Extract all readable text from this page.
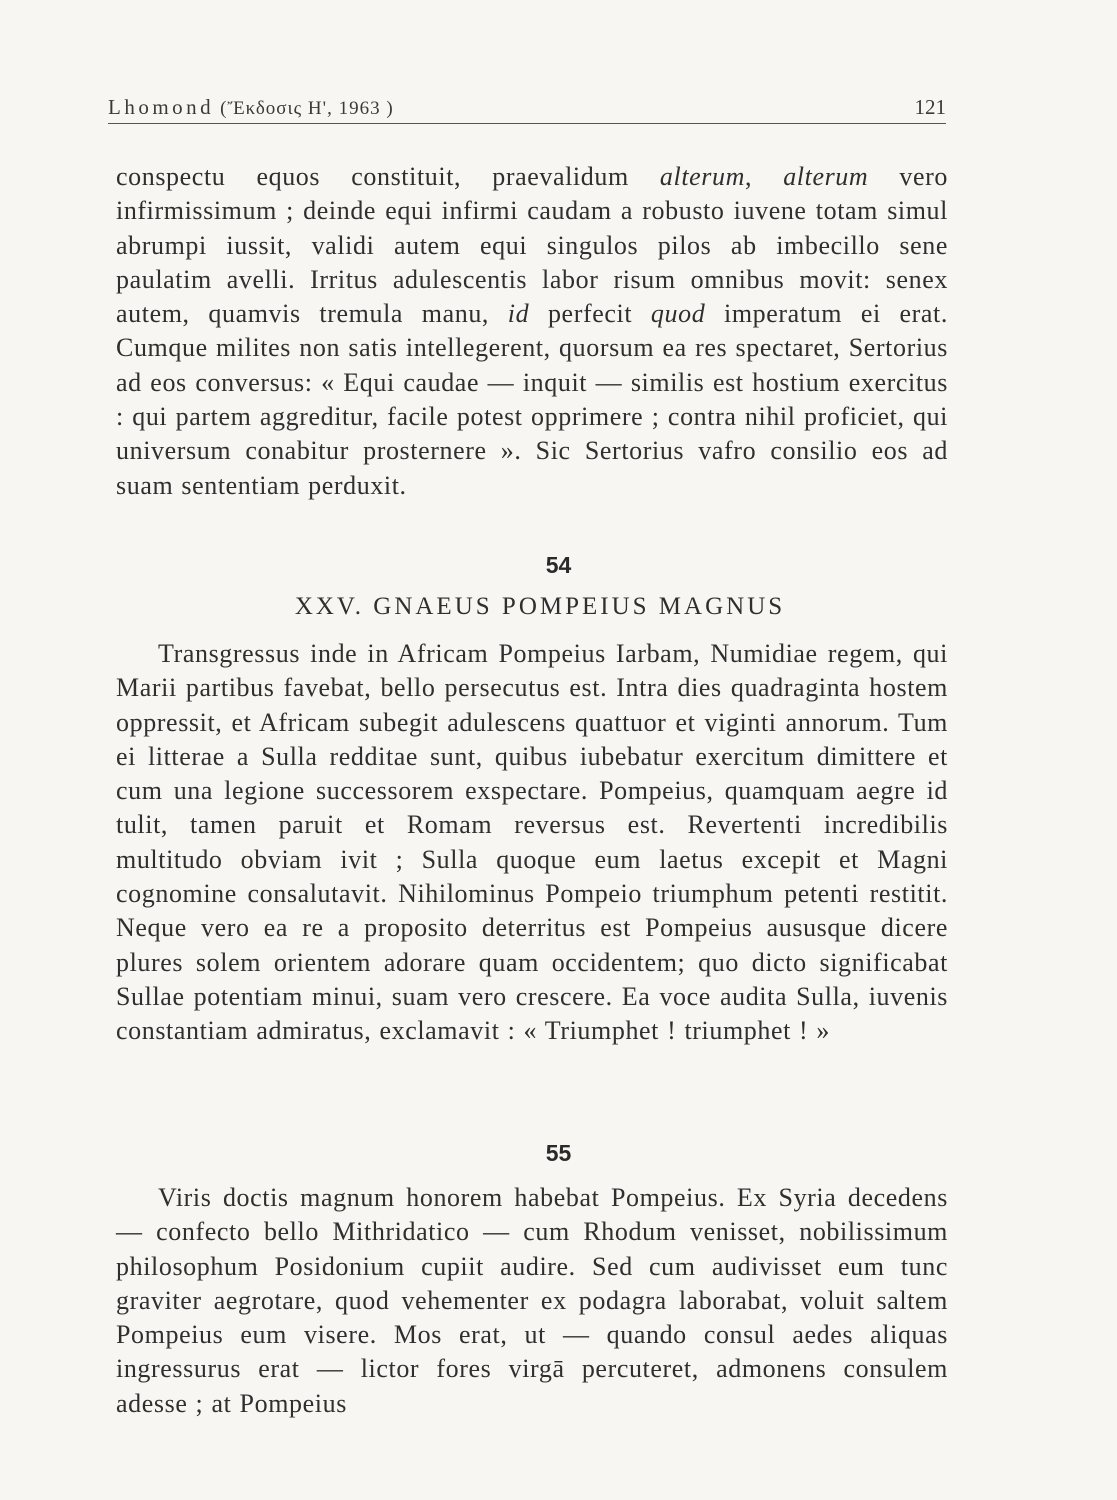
Lhomond (Ἔκδοσις Η', 1963 )	121

conspectu equos constituit, praevalidum alterum, alterum vero infirmissimum ; deinde equi infirmi caudam a robusto iuvene totam simul abrumpi iussit, validi autem equi singulos pilos ab imbecillo sene paulatim avelli. Irritus adulescentis labor risum omnibus movit: senex autem, quamvis tremula manu, id perfecit quod imperatum ei erat. Cumque milites non satis intellegerent, quorsum ea res spectaret, Sertorius ad eos conversus: « Equi caudae — inquit — similis est hostium exercitus : qui partem aggreditur, facile potest opprimere ; contra nihil proficiet, qui universum conabitur prosternere ». Sic Sertorius vafro consilio eos ad suam sententiam perduxit.

54
XXV. GNAEUS POMPEIUS MAGNUS

Transgressus inde in Africam Pompeius Iarbam, Numidiae regem, qui Marii partibus favebat, bello persecutus est. Intra dies quadraginta hostem oppressit, et Africam subegit adulescens quattuor et viginti annorum. Tum ei litterae a Sulla redditae sunt, quibus iubebatur exercitum dimittere et cum una legione successorem exspectare. Pompeius, quamquam aegre id tulit, tamen paruit et Romam reversus est. Revertenti incredibilis multitudo obviam ivit ; Sulla quoque eum laetus excepit et Magni cognomine consalutavit. Nihilominus Pompeio triumphum petenti restitit. Neque vero ea re a proposito deterritus est Pompeius aususque dicere plures solem orientem adorare quam occidentem; quo dicto significabat Sullae potentiam minui, suam vero crescere. Ea voce audita Sulla, iuvenis constantiam admiratus, exclamavit : « Triumphet ! triumphet ! »

55

Viris doctis magnum honorem habebat Pompeius. Ex Syria decedens — confecto bello Mithridatico — cum Rhodum venisset, nobilissimum philosophum Posidonium cupiit audire. Sed cum audivisset eum tunc graviter aegrotare, quod vehementer ex podagra laborabat, voluit saltem Pompeius eum visere. Mos erat, ut — quando consul aedes aliquas ingressurus erat — lictor fores virgā percuteret, admonens consulem adesse ; at Pompeius
